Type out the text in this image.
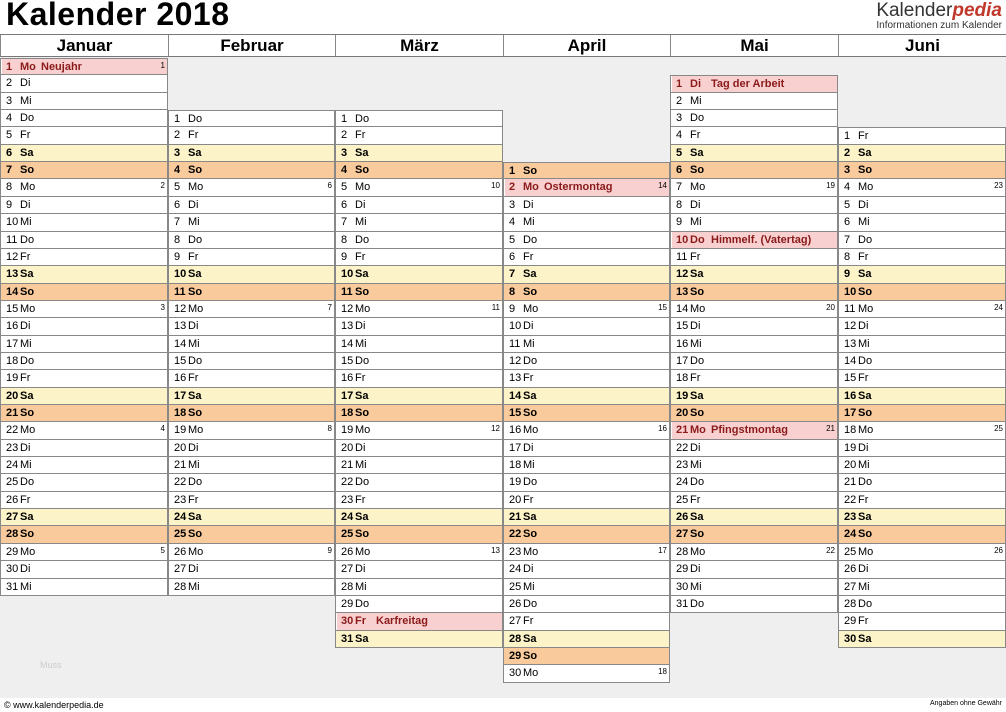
Kalender 2018	Kalenderpedia
Informationen zum Kalender
Januar
1 Mo Neujahr	1
2 Di
3 Mi
4 Do
5 Fr
6 Sa
7 So
8 Mo	2
9 Di
10 Mi
11 Do
12 Fr
13 Sa
14 So
15 Mo	3
16 Di
17 Mi
18 Do
19 Fr
20 Sa
21 So
22 Mo	4
23 Di
24 Mi
25 Do
26 Fr
27 Sa
28 So
29 Mo	5
30 Di
31 Mi
Februar
1 Do
2 Fr
3 Sa
4 So
5 Mo	6
6 Di
7 Mi
8 Do
9 Fr
10 Sa
11 So
12 Mo	7
13 Di
14 Mi
15 Do
16 Fr
17 Sa
18 So
19 Mo	8
20 Di
21 Mi
22 Do
23 Fr
24 Sa
25 So
26 Mo	9
27 Di
28 Mi
März
1 Do
2 Fr
3 Sa
4 So
5 Mo	10
6 Di
7 Mi
8 Do
9 Fr
10 Sa
11 So
12 Mo	11
13 Di
14 Mi
15 Do
16 Fr
17 Sa
18 So
19 Mo	12
20 Di
21 Mi
22 Do
23 Fr
24 Sa
25 So
26 Mo	13
27 Di
28 Mi
29 Do
30 Fr Karfreitag
31 Sa
April
1 So
2 Mo Ostermontag	14
3 Di
4 Mi
5 Do
6 Fr
7 Sa
8 So
9 Mo	15
10 Di
11 Mi
12 Do
13 Fr
14 Sa
15 So
16 Mo	16
17 Di
18 Mi
19 Do
20 Fr
21 Sa
22 So
23 Mo	17
24 Di
25 Mi
26 Do
27 Fr
28 Sa
29 So
30 Mo	18
Mai
1 Di Tag der Arbeit
2 Mi
3 Do
4 Fr
5 Sa
6 So
7 Mo	19
8 Di
9 Mi
10 Do Himmelf. (Vatertag)
11 Fr
12 Sa
13 So
14 Mo	20
15 Di
16 Mi
17 Do
18 Fr
19 Sa
20 So
21 Mo Pfingstmontag	21
22 Di
23 Mi
24 Do
25 Fr
26 Sa
27 So
28 Mo	22
29 Di
30 Mi
31 Do
Juni
1 Fr
2 Sa
3 So
4 Mo	23
5 Di
6 Mi
7 Do
8 Fr
9 Sa
10 So
11 Mo	24
12 Di
13 Mi
14 Do
15 Fr
16 Sa
17 So
18 Mo	25
19 Di
20 Mi
21 Do
22 Fr
23 Sa
24 So
25 Mo	26
26 Di
27 Mi
28 Do
29 Fr
30 Sa
Muss
© www.kalenderpedia.de	Angaben ohne Gewähr
